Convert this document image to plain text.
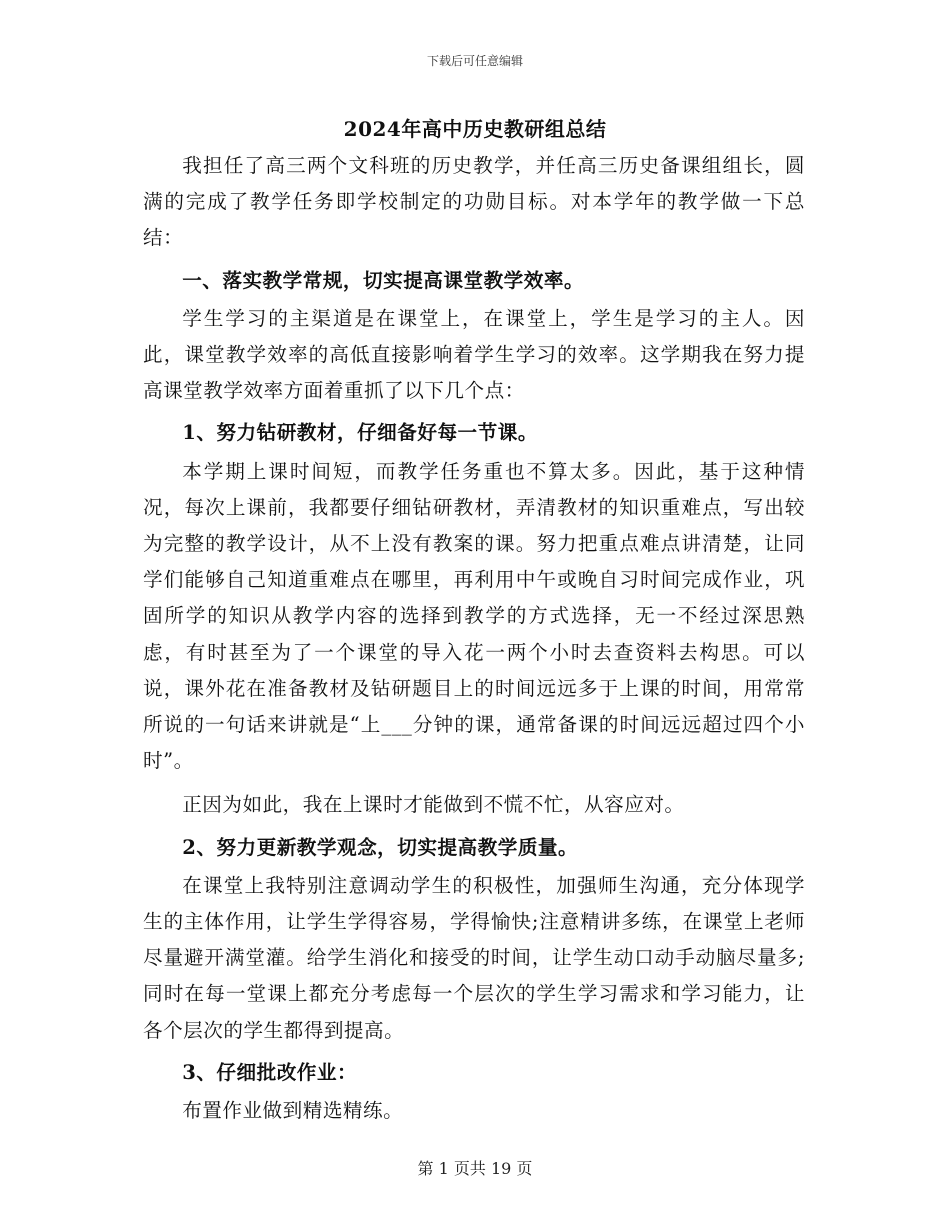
下载后可任意编辑
2024年高中历史教研组总结

我担任了高三两个文科班的历史教学，并任高三历史备课组组长，圆满的完成了教学任务即学校制定的功勋目标。对本学年的教学做一下总结：

一、落实教学常规，切实提高课堂教学效率。

学生学习的主渠道是在课堂上，在课堂上，学生是学习的主人。因此，课堂教学效率的高低直接影响着学生学习的效率。这学期我在努力提高课堂教学效率方面着重抓了以下几个点：

1、努力钻研教材，仔细备好每一节课。

本学期上课时间短，而教学任务重也不算太多。因此，基于这种情况，每次上课前，我都要仔细钻研教材，弄清教材的知识重难点，写出较为完整的教学设计，从不上没有教案的课。努力把重点难点讲清楚，让同学们能够自己知道重难点在哪里，再利用中午或晚自习时间完成作业，巩固所学的知识从教学内容的选择到教学的方式选择，无一不经过深思熟虑，有时甚至为了一个课堂的导入花一两个小时去查资料去构思。可以说，课外花在准备教材及钻研题目上的时间远远多于上课的时间，用常常所说的一句话来讲就是“上___分钟的课，通常备课的时间远远超过四个小时”。

正因为如此，我在上课时才能做到不慌不忙，从容应对。

2、努力更新教学观念，切实提高教学质量。

在课堂上我特别注意调动学生的积极性，加强师生沟通，充分体现学生的主体作用，让学生学得容易，学得愉快;注意精讲多练，在课堂上老师尽量避开满堂灌。给学生消化和接受的时间，让学生动口动手动脑尽量多;同时在每一堂课上都充分考虑每一个层次的学生学习需求和学习能力，让各个层次的学生都得到提高。

3、仔细批改作业：

布置作业做到精选精练。

第 1 页共 19 页
